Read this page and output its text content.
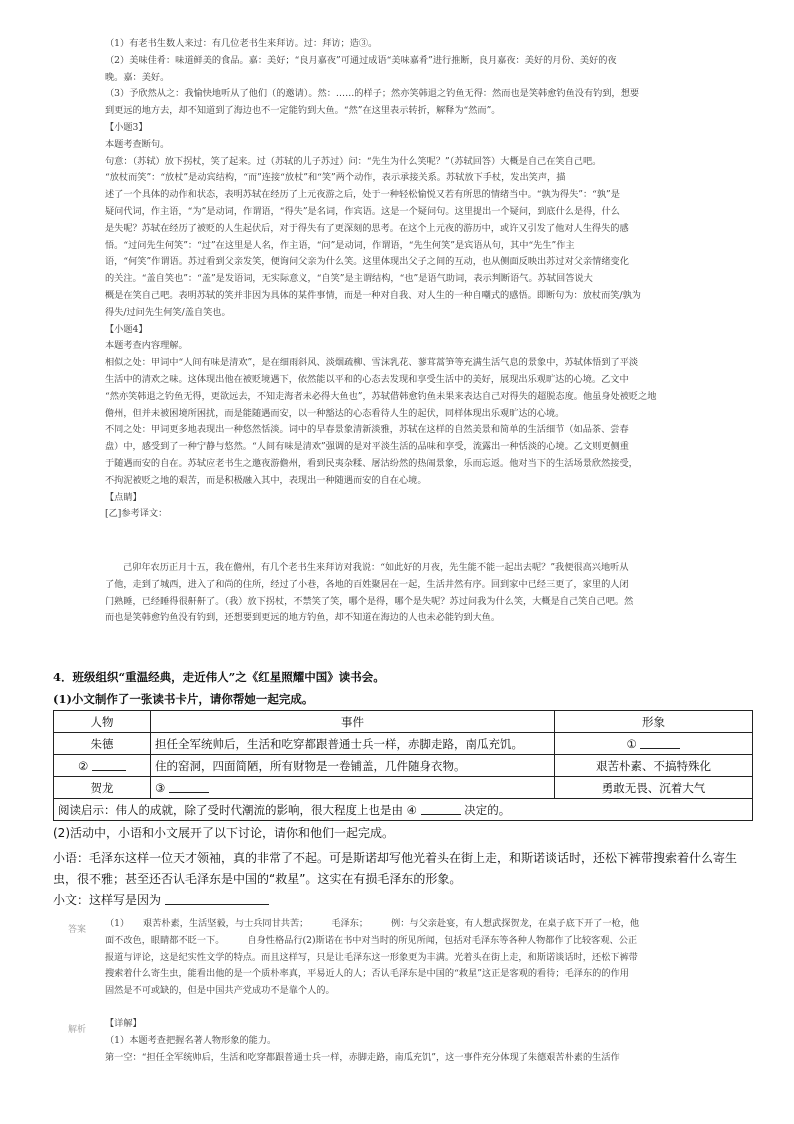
（1）有老书生数人来过：有几位老书生来拜访。过：拜访；造③。

（2）美味佳肴：味道鲜美的食品。嘉：美好；“良月嘉夜”可通过成语“美味嘉肴”进行推断，良月嘉夜：美好的月份、美好的夜

晚。嘉：美好。

（3）予欣然从之：我愉快地听从了他们（的邀请）。然：……的样子；然亦笑韩退之钓鱼无得：然而也是笑韩愈钓鱼没有钓到，想要

到更远的地方去，却不知道到了海边也不一定能钓到大鱼。“然”在这里表示转折，解释为“然而”。

【小题3】

本题考查断句。

句意：（苏轼）放下拐杖，笑了起来。过（苏轼的儿子苏过）问：“先生为什么笑呢？”（苏轼回答）大概是自己在笑自己吧。

“放杖而笑”：“放杖”是动宾结构，“而”连接“放杖”和“笑”两个动作，表示承接关系。苏轼放下手杖，发出笑声，描

述了一个具体的动作和状态，表明苏轼在经历了上元夜游之后，处于一种轻松愉悦又若有所思的情绪当中。“孰为得失”：“孰”是

疑问代词，作主语，“为”是动词，作谓语，“得失”是名词，作宾语。这是一个疑问句。这里提出一个疑问，到底什么是得，什么

是失呢？苏轼在经历了被贬的人生起伏后，对于得失有了更深刻的思考。在这个上元夜的游历中，或许又引发了他对人生得失的感

悟。“过问先生何笑”：“过”在这里是人名，作主语，“问”是动词，作谓语，“先生何笑”是宾语从句，其中“先生”作主

语，“何笑”作谓语。苏过看到父亲发笑，便询问父亲为什么笑。这里体现出父子之间的互动，也从侧面反映出苏过对父亲情绪变化

的关注。“盖自笑也”：“盖”是发语词，无实际意义，“自笑”是主谓结构，“也”是语气助词，表示判断语气。苏轼回答说大

概是在笑自己吧。表明苏轼的笑并非因为具体的某件事情，而是一种对自我、对人生的一种自嘲式的感悟。即断句为：放杖而笑/孰为

得失/过问先生何笑/盖自笑也。

【小题4】

本题考查内容理解。

相似之处：甲词中“人间有味是清欢”，是在细雨斜风、淡烟疏柳、雪沫乳花、蓼茸蒿笋等充满生活气息的景象中，苏轼体悟到了平淡

生活中的清欢之味。这体现出他在被贬境遇下，依然能以平和的心态去发现和享受生活中的美好，展现出乐观旷达的心境。乙文中

“然亦笑韩退之钓鱼无得，更欲远去，不知走海者未必得大鱼也”，苏轼借韩愈钓鱼未果来表达自己对得失的超脱态度。他虽身处被贬之地

儋州，但并未被困境所困扰，而是能随遇而安，以一种豁达的心态看待人生的起伏，同样体现出乐观旷达的心境。

不同之处：甲词更多地表现出一种悠然恬淡。词中的早春景象清新淡雅，苏轼在这样的自然美景和简单的生活细节（如品茶、尝春

盘）中，感受到了一种宁静与悠然。“人间有味是清欢”强调的是对平淡生活的品味和享受，流露出一种恬淡的心境。乙文则更侧重

于随遇而安的自在。苏轼应老书生之邀夜游儋州，看到民夷杂糅、屠沽纷然的热闹景象，乐而忘返。他对当下的生活场景欣然接受，

不拘泥被贬之地的艰苦，而是积极融入其中，表现出一种随遇而安的自在心境。

【点睛】

[乙]参考译文：

己卯年农历正月十五，我在儋州，有几个老书生来拜访对我说：“如此好的月夜，先生能不能一起出去呢？”我便很高兴地听从

了他，走到了城西，进入了和尚的住所，经过了小巷，各地的百姓聚居在一起，生活井然有序。回到家中已经三更了，家里的人闭

门熟睡，已经睡得很鼾鼾了。（我）放下拐杖，不禁笑了笑，哪个是得，哪个是失呢？苏过问我为什么笑，大概是自己笑自己吧。然

而也是笑韩愈钓鱼没有钓到，还想要到更远的地方钓鱼，却不知道在海边的人也未必能钓到大鱼。

4．班级组织“重温经典，走近伟人”之《红星照耀中国》读书会。
(1)小文制作了一张读书卡片，请你帮她一起完成。
人物	事件	形象
朱德	担任全军统帅后，生活和吃穿都跟普通士兵一样，赤脚走路，南瓜充饥。	①
②	住的窑洞，四面简陋，所有财物是一卷铺盖，几件随身衣物。	艰苦朴素、不搞特殊化
贺龙	③	勇敢无畏、沉着大气
阅读启示：伟人的成就，除了受时代潮流的影响，很大程度上也是由 ④ 决定的。		
(2)活动中，小语和小文展开了以下讨论，请你和他们一起完成。
小语：毛泽东这样一位天才领袖，真的非常了不起。可是斯诺却写他光着头在街上走，和斯诺谈话时，还松下裤带搜索着什么寄生虫，很不雅；甚至还否认毛泽东是中国的“救星”。这实在有损毛泽东的形象。
小文：这样写是因为
答案

（1）　　艰苦朴素，生活坚毅，与士兵同甘共苦；　　　毛泽东；　　　例：与父亲赴宴，有人想武探贺龙，在桌子底下开了一枪，他

面不改色，眼睛都不眨一下。　　　自身性格品行(2)斯诺在书中对当时的所见所闻，包括对毛泽东等各种人物都作了比较客观、公正

报道与评论，这是纪实性文学的特点。而且这样写，只是让毛泽东这一形象更为丰满。光着头在街上走，和斯诺谈话时，还松下裤带

搜索着什么寄生虫，能看出他的是一个质朴率真，平易近人的人；否认毛泽东是中国的“救星”这正是客观的看待；毛泽东的的作用

固然是不可或缺的，但是中国共产党成功不是靠个人的。

解析

【详解】

（1）本题考查把握名著人物形象的能力。

第一空：“担任全军统帅后，生活和吃穿都跟普通士兵一样，赤脚走路，南瓜充饥”，这一事件充分体现了朱德艰苦朴素的生活作
